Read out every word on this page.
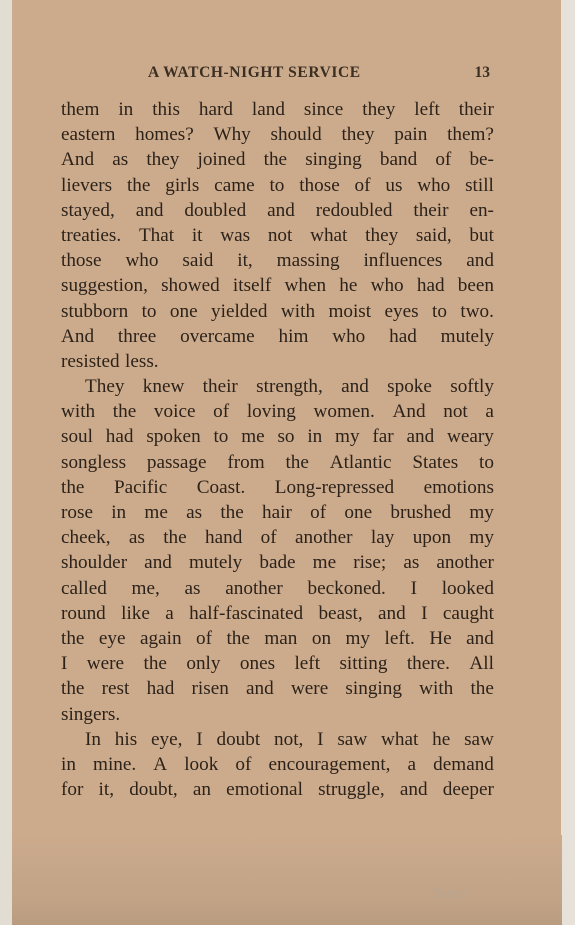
A WATCH-NIGHT SERVICE	13
them in this hard land since they left their
eastern homes? Why should they pain them?
And as they joined the singing band of be-
lievers the girls came to those of us who still
stayed, and doubled and redoubled their en-
treaties. That it was not what they said, but
those who said it, massing influences and
suggestion, showed itself when he who had been
stubborn to one yielded with moist eyes to two.
And three overcame him who had mutely
resisted less.
They knew their strength, and spoke softly
with the voice of loving women. And not a
soul had spoken to me so in my far and weary
songless passage from the Atlantic States to
the Pacific Coast. Long-repressed emotions
rose in me as the hair of one brushed my
cheek, as the hand of another lay upon my
shoulder and mutely bade me rise; as another
called me, as another beckoned. I looked
round like a half-fascinated beast, and I caught
the eye again of the man on my left. He and
I were the only ones left sitting there. All
the rest had risen and were singing with the
singers.
In his eye, I doubt not, I saw what he saw
in mine. A look of encouragement, a demand
for it, doubt, an emotional struggle, and deeper
Digitiz
